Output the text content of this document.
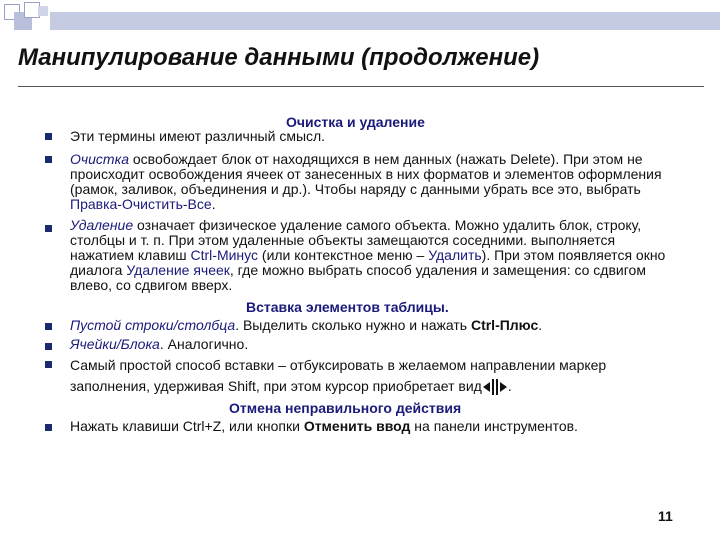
Манипулирование данными (продолжение)
Очистка и удаление
Эти термины имеют различный смысл.
Очистка освобождает блок от находящихся в нем данных (нажать Delete). При этом не происходит освобождения ячеек от занесенных в них форматов и элементов оформления (рамок, заливок, объединения и др.). Чтобы наряду с данными убрать все это, выбрать Правка-Очистить-Все.
Удаление означает физическое удаление самого объекта. Можно удалить блок, строку, столбцы и т. п. При этом удаленные объекты замещаются соседними. выполняется нажатием клавиш Ctrl-Минус (или контекстное меню – Удалить). При этом появляется окно диалога Удаление ячеек, где можно выбрать способ удаления и замещения: со сдвигом влево, со сдвигом вверх.
Вставка элементов таблицы.
Пустой строки/столбца. Выделить сколько нужно и нажать Ctrl-Плюс.
Ячейки/Блока. Аналогично.
Самый простой способ вставки – отбуксировать в желаемом направлении маркер заполнения, удерживая Shift, при этом курсор приобретает вид .
Отмена неправильного действия
Нажать клавиши Ctrl+Z, или кнопки Отменить ввод на панели инструментов.
11
